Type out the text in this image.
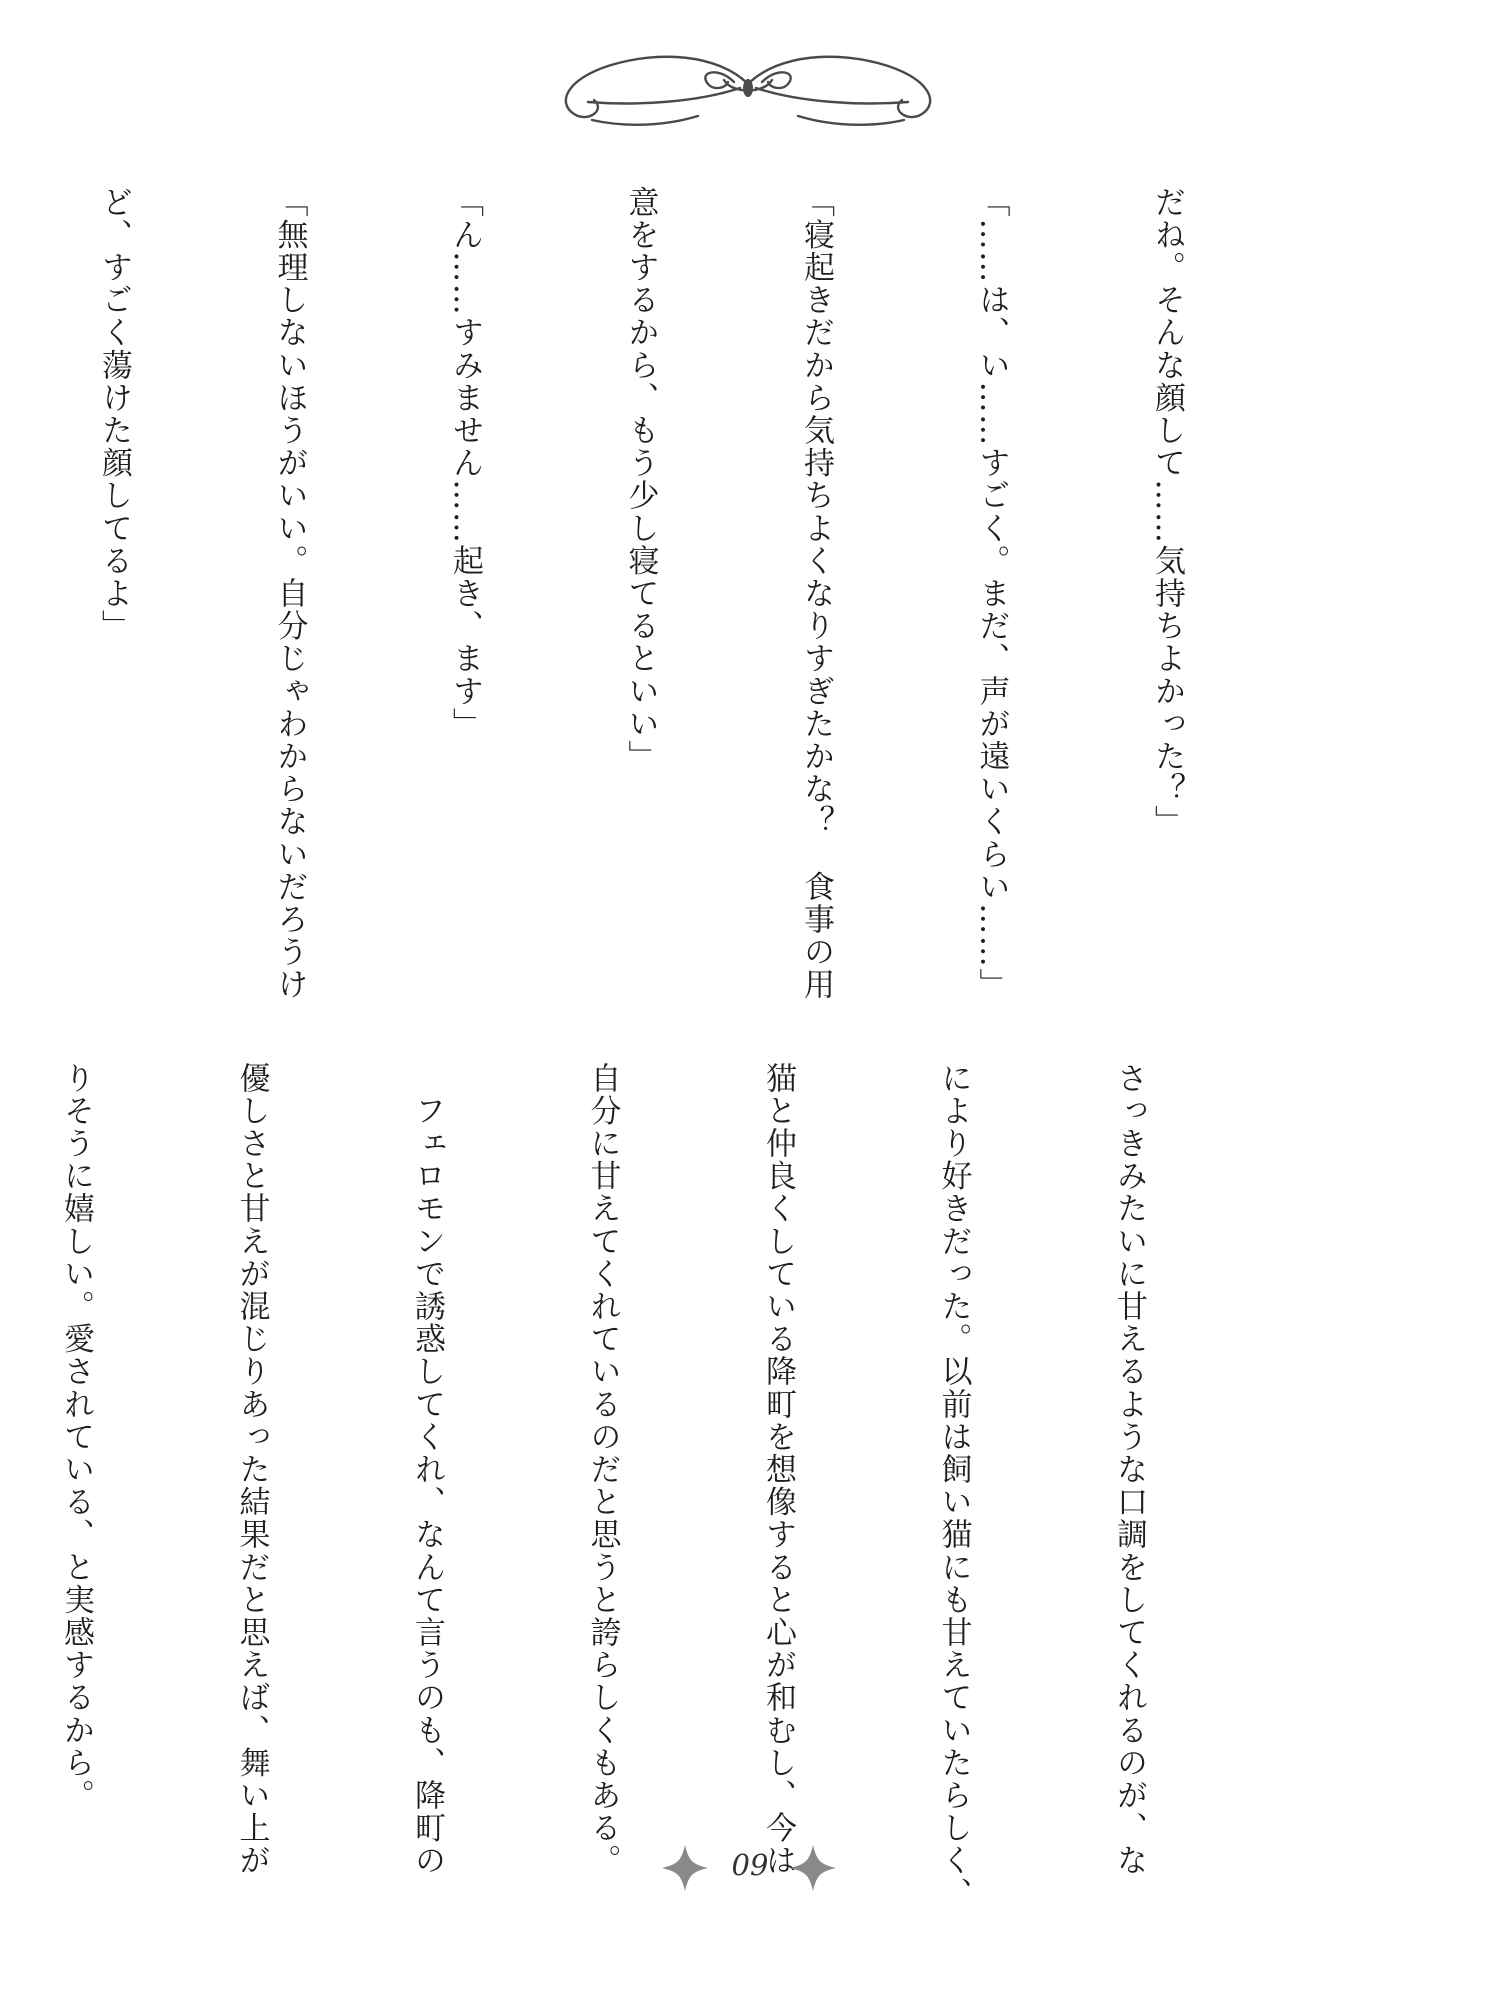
だね。そんな顔して……気持ちよかった？」

「……は、い……すごく。まだ、声が遠いくらい……」

「寝起きだから気持ちよくなりすぎたかな？　食事の用

意をするから、もう少し寝てるといい」

「ん……すみません……起き、ます」

「無理しないほうがいい。自分じゃわからないだろうけ

ど、すごく蕩けた顔してるよ」

さっきみたいに甘えるような口調をしてくれるのが、な

により好きだった。以前は飼い猫にも甘えていたらしく、

猫と仲良くしている降町を想像すると心が和むし、今は

自分に甘えてくれているのだと思うと誇らしくもある。

　フェロモンで誘惑してくれ、なんて言うのも、降町の

優しさと甘えが混じりあった結果だと思えば、舞い上が

りそうに嬉しい。愛されている、と実感するから。

09
